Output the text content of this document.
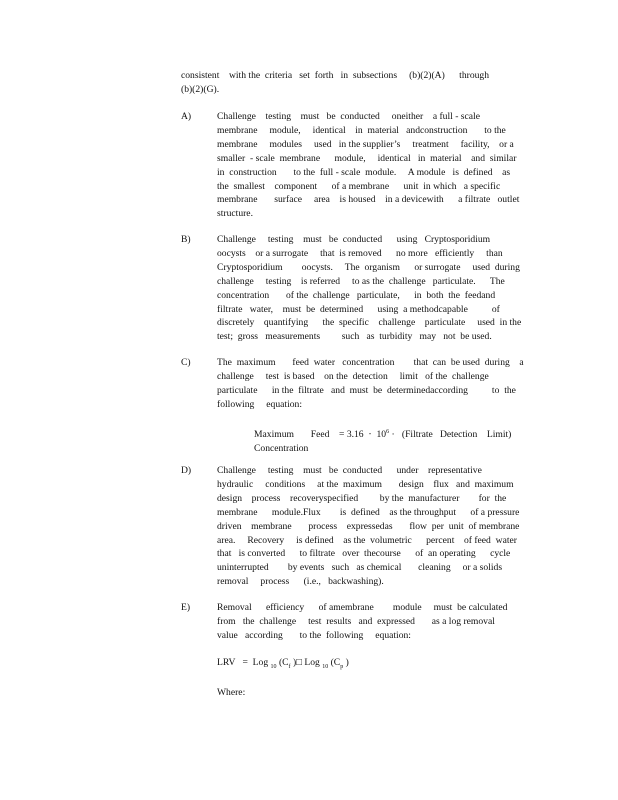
consistent    with the  criteria   set  forth   in  subsections     (b)(2)(A)      through
(b)(2)(G).
A)	Challenge    testing    must   be  conducted     oneither    a full - scale
membrane     module,     identical    in  material   andconstruction       to the
membrane     modules     used   in the supplier’s     treatment     facility,    or a
smaller  - scale  membrane      module,     identical   in  material    and  similar
in  construction       to the  full - scale  module.     A module   is  defined    as
the  smallest    component      of a membrane      unit  in which   a specific
membrane       surface     area    is housed    in a devicewith      a filtrate   outlet
structure.
B)	Challenge     testing    must   be  conducted      using   Cryptosporidium
oocysts    or a surrogate     that  is removed      no more   efficiently     than
Cryptosporidium        oocysts.     The  organism      or surrogate     used  during
challenge     testing    is referred     to as the  challenge   particulate.      The
concentration       of the  challenge   particulate,      in  both  the  feedand
filtrate   water,    must  be  determined      using  a methodcapable          of
discretely    quantifying      the  specific    challenge    particulate     used  in the
test;  gross   measurements         such   as  turbidity   may   not  be used.
C)	The  maximum       feed  water   concentration        that  can  be used  during    a
challenge     test  is based    on the  detection     limit   of the  challenge
particulate      in the  filtrate   and  must  be  determinedaccording          to  the
following     equation:
Maximum       Feed    = $3.16 \cdot 10^6$ ·   (Filtrate   Detection    Limit)
Concentration
D)	Challenge     testing    must   be  conducted      under    representative
hydraulic     conditions     at the  maximum       design    flux   and  maximum
design    process    recoveryspecified         by the  manufacturer        for  the
membrane      module.Flux        is  defined    as the throughput      of a pressure
driven    membrane       process    expressedas       flow  per  unit  of membrane
area.     Recovery     is defined    as the  volumetric      percent    of feed  water
that   is converted      to filtrate   over  thecourse      of  an operating      cycle
uninterrupted        by events   such   as chemical       cleaning     or a solids
removal     process      (i.e.,   backwashing).
E)	Removal      efficiency      of amembrane        module     must  be calculated
from   the  challenge     test  results   and  expressed       as a log removal
value   according       to the  following     equation:
LRV = Log $_{10}$ ($C_f$ )□ Log $_{10}$ ($C_p$ )
Where:
